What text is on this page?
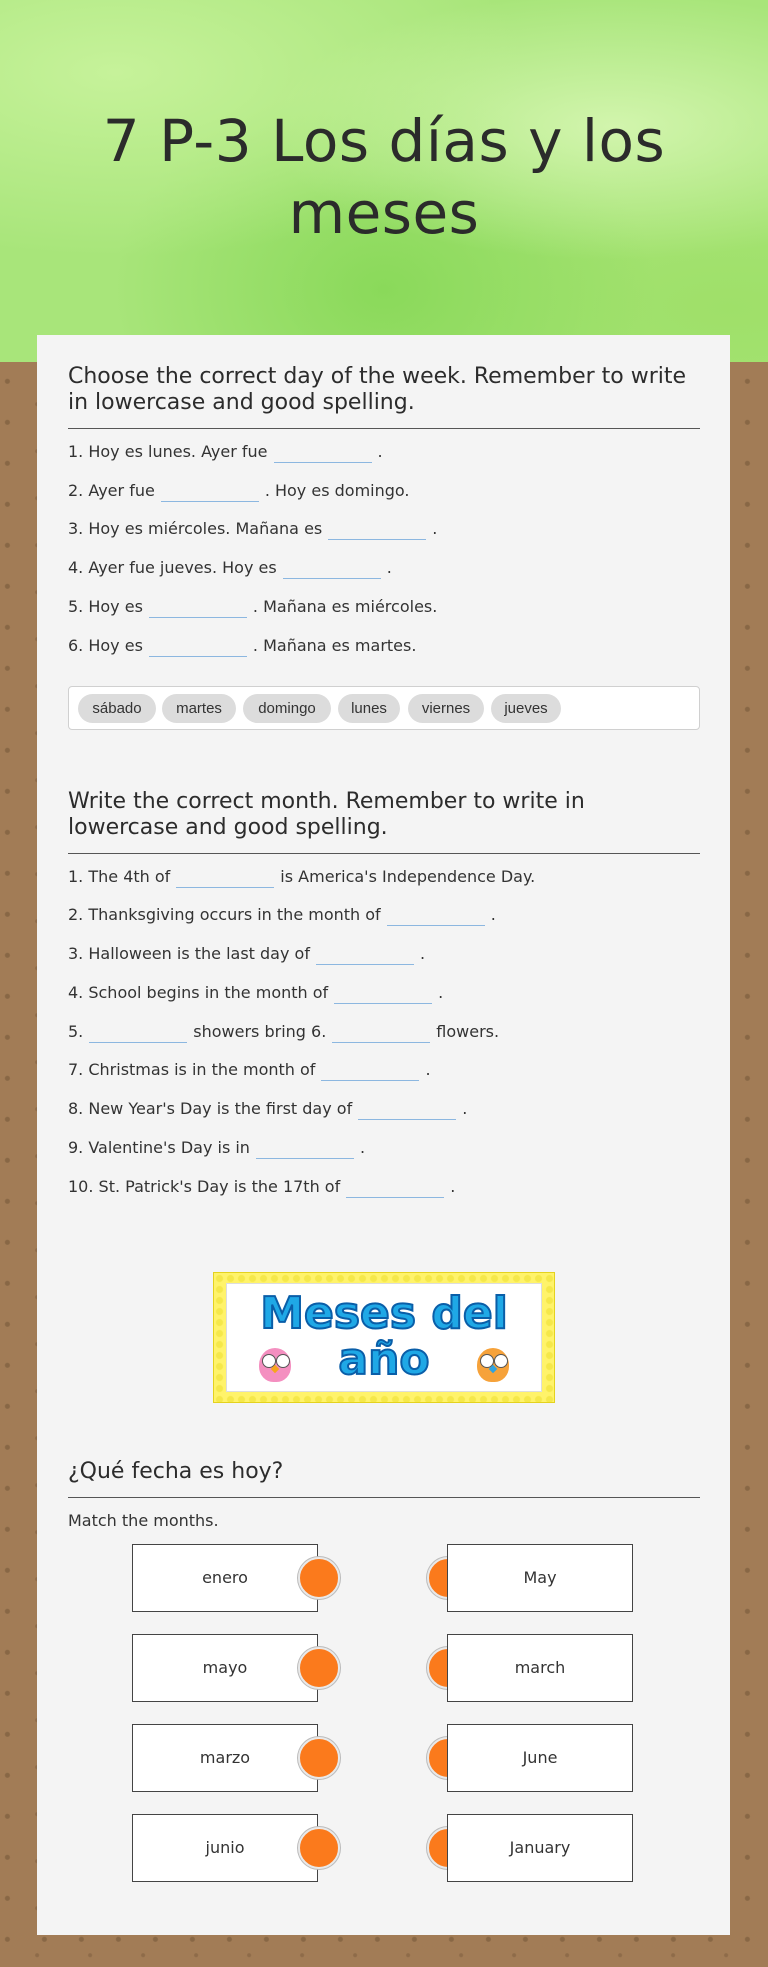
7 P-3 Los días y los meses
Choose the correct day of the week. Remember to write in lowercase and good spelling.
1. Hoy es lunes. Ayer fue	.
2. Ayer fue	. Hoy es domingo.
3. Hoy es miércoles. Mañana es	.
4. Ayer fue jueves. Hoy es	.
5. Hoy es	. Mañana es miércoles.
6. Hoy es	. Mañana es martes.
sábado	martes	domingo	lunes	viernes	jueves
Write the correct month. Remember to write in lowercase and good spelling.
1. The 4th of	is America's Independence Day.
2. Thanksgiving occurs in the month of	.
3. Halloween is the last day of	.
4. School begins in the month of	.
5.	showers bring 6.	flowers.
7. Christmas is in the month of	.
8. New Year's Day is the first day of	.
9. Valentine's Day is in	.
10. St. Patrick's Day is the 17th of	.
Meses del
año
¿Qué fecha es hoy?
Match the months.
enero	May
mayo	march
marzo	June
junio	January
